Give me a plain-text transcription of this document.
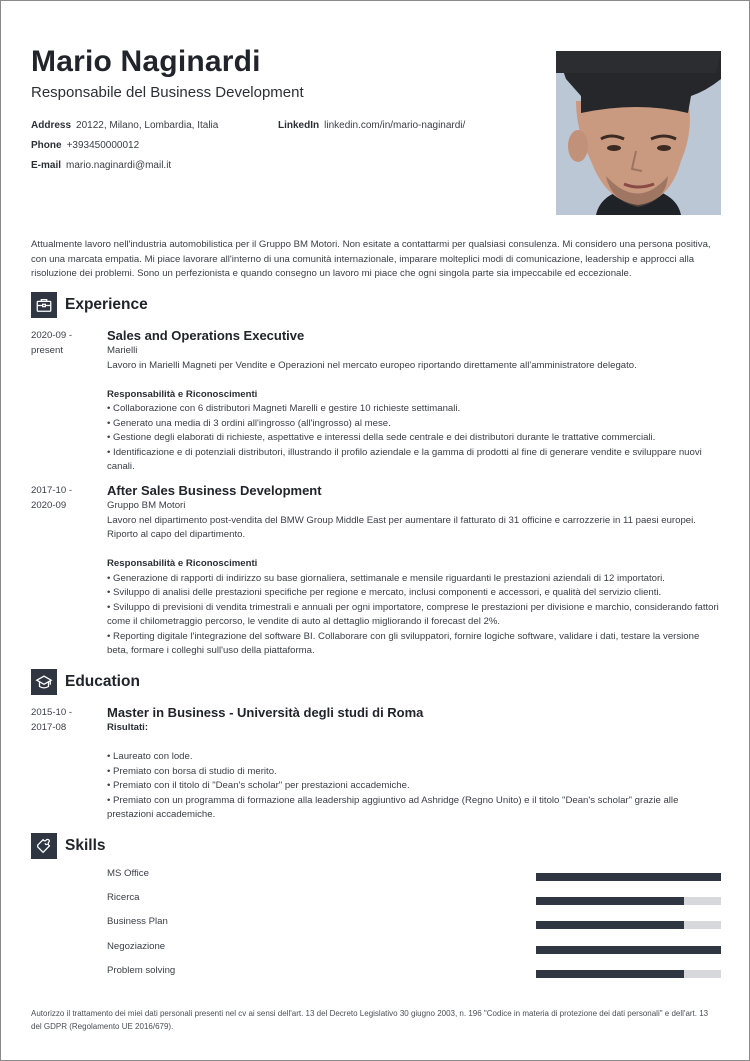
Mario Naginardi
Responsabile del Business Development
Address 20122, Milano, Lombardia, Italia	LinkedIn linkedin.com/in/mario-naginardi/
Phone +393450000012
E-mail mario.naginardi@mail.it
Attualmente lavoro nell'industria automobilistica per il Gruppo BM Motori. Non esitate a contattarmi per qualsiasi consulenza. Mi considero una persona positiva, con una marcata empatia. Mi piace lavorare all'interno di una comunità internazionale, imparare molteplici modi di comunicazione, leadership e approcci alla risoluzione dei problemi. Sono un perfezionista e quando consegno un lavoro mi piace che ogni singola parte sia impeccabile ed eccezionale.
Experience
2020-09 -
present
Sales and Operations Executive
Marielli
Lavoro in Marielli Magneti per Vendite e Operazioni nel mercato europeo riportando direttamente all'amministratore delegato.
Responsabilità e Riconoscimenti
• Collaborazione con 6 distributori Magneti Marelli e gestire 10 richieste settimanali.
• Generato una media di 3 ordini all'ingrosso (all'ingrosso) al mese.
• Gestione degli elaborati di richieste, aspettative e interessi della sede centrale e dei distributori durante le trattative commerciali.
• Identificazione e di potenziali distributori, illustrando il profilo aziendale e la gamma di prodotti al fine di generare vendite e sviluppare nuovi canali.
2017-10 -
2020-09
After Sales Business Development
Gruppo BM Motori
Lavoro nel dipartimento post-vendita del BMW Group Middle East per aumentare il fatturato di 31 officine e carrozzerie in 11 paesi europei. Riporto al capo del dipartimento.
Responsabilità e Riconoscimenti
• Generazione di rapporti di indirizzo su base giornaliera, settimanale e mensile riguardanti le prestazioni aziendali di 12 importatori.
• Sviluppo di analisi delle prestazioni specifiche per regione e mercato, inclusi componenti e accessori, e qualità del servizio clienti.
• Sviluppo di previsioni di vendita trimestrali e annuali per ogni importatore, comprese le prestazioni per divisione e marchio, considerando fattori come il chilometraggio percorso, le vendite di auto al dettaglio migliorando il forecast del 2%.
• Reporting digitale l'integrazione del software BI. Collaborare con gli sviluppatori, fornire logiche software, validare i dati, testare la versione beta, formare i colleghi sull'uso della piattaforma.
Education
2015-10 -
2017-08
Master in Business - Università degli studi di Roma
Risultati:
• Laureato con lode.
• Premiato con borsa di studio di merito.
• Premiato con il titolo di "Dean's scholar" per prestazioni accademiche.
• Premiato con un programma di formazione alla leadership aggiuntivo ad Ashridge (Regno Unito) e il titolo "Dean's scholar" grazie alle prestazioni accademiche.
Skills
MS Office
Ricerca
Business Plan
Negoziazione
Problem solving
Autorizzo il trattamento dei miei dati personali presenti nel cv ai sensi dell'art. 13 del Decreto Legislativo 30 giugno 2003, n. 196 "Codice in materia di protezione dei dati personali" e dell'art. 13 del GDPR (Regolamento UE 2016/679).
